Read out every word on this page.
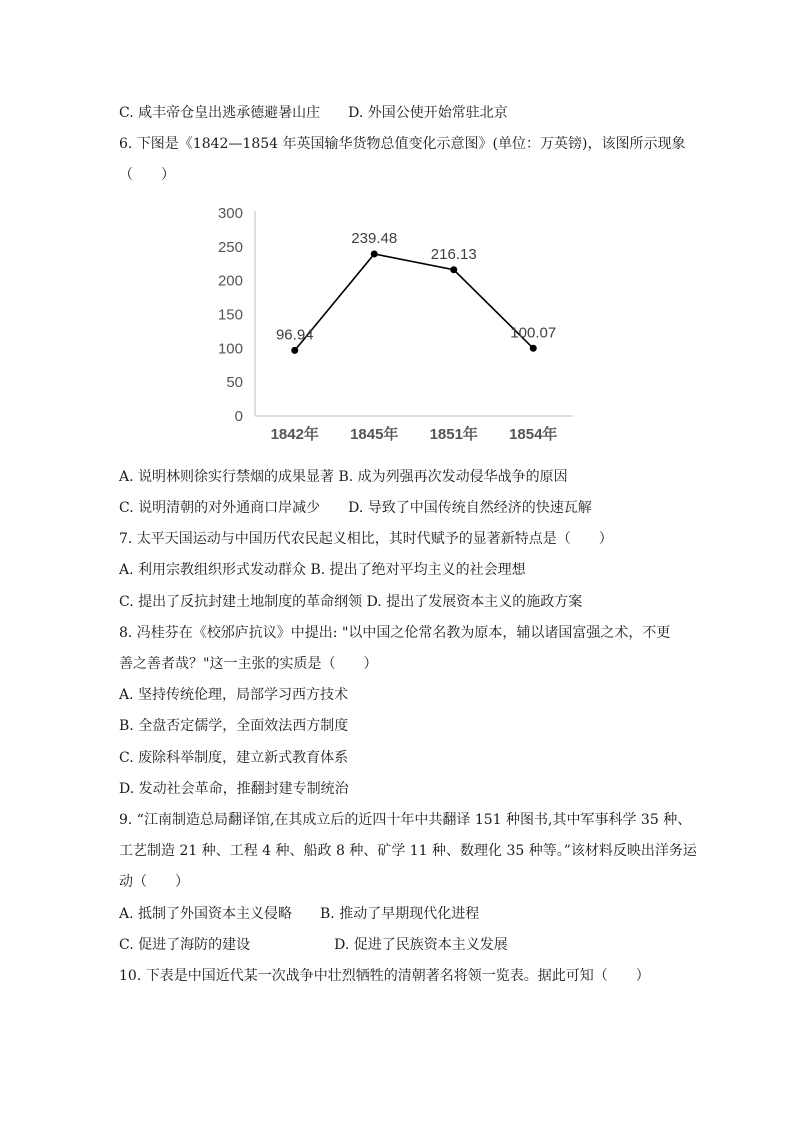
C. 咸丰帝仓皇出逃承德避暑山庄　　D. 外国公使开始常驻北京
6. 下图是《1842—1854 年英国输华货物总值变化示意图》(单位：万英镑)，该图所示现象
（　　）
0
50
100
150
200
250
300
1842年 1845年 1851年 1854年
96.94
239.48
216.13
100.07
A. 说明林则徐实行禁烟的成果显著 B. 成为列强再次发动侵华战争的原因
C. 说明清朝的对外通商口岸减少　　D. 导致了中国传统自然经济的快速瓦解
7. 太平天国运动与中国历代农民起义相比，其时代赋予的显著新特点是（　　）
A. 利用宗教组织形式发动群众 B. 提出了绝对平均主义的社会理想
C. 提出了反抗封建土地制度的革命纲领 D. 提出了发展资本主义的施政方案
8. 冯桂芬在《校邠庐抗议》中提出: "以中国之伦常名教为原本，辅以诸国富强之术，不更
善之善者哉？"这一主张的实质是（　　）
A. 坚持传统伦理，局部学习西方技术
B. 全盘否定儒学，全面效法西方制度
C. 废除科举制度，建立新式教育体系
D. 发动社会革命，推翻封建专制统治
9. “江南制造总局翻译馆,在其成立后的近四十年中共翻译 151 种图书,其中军事科学 35 种、
工艺制造 21 种、工程 4 种、船政 8 种、矿学 11 种、数理化 35 种等。”该材料反映出洋务运
动（　　）
A. 抵制了外国资本主义侵略　　B. 推动了早期现代化进程
C. 促进了海防的建设　　　　　　D. 促进了民族资本主义发展
10. 下表是中国近代某一次战争中壮烈牺牲的清朝著名将领一览表。据此可知（　　）
